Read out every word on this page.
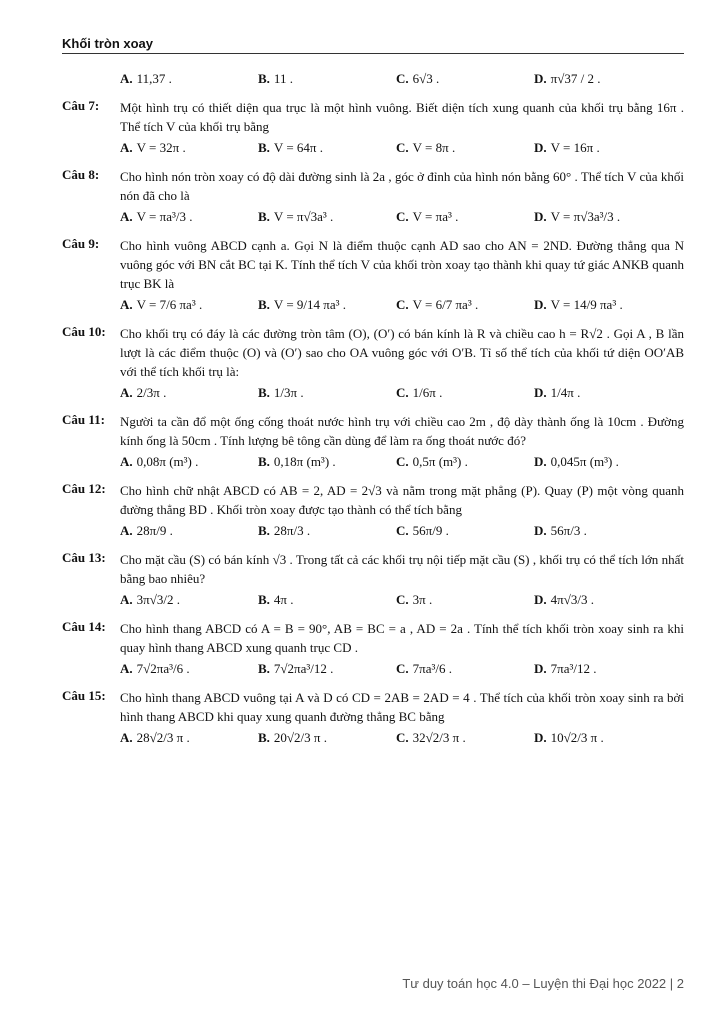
Khối tròn xoay
A. 11,37 .	B. 11 .	C. 6√3 .	D. π√37 / 2 .
Câu 7:	Một hình trụ có thiết diện qua trục là một hình vuông. Biết diện tích xung quanh của khối trụ bằng 16π . Thể tích V của khối trụ bằng
A. V = 32π .	B. V = 64π .	C. V = 8π .	D. V = 16π .
Câu 8:	Cho hình nón tròn xoay có độ dài đường sinh là 2a , góc ở đỉnh của hình nón bằng 60° . Thể tích V của khối nón đã cho là
A. V = πa³/3 .	B. V = π√3a³ .	C. V = πa³ .	D. V = π√3a³/3 .
Câu 9:	Cho hình vuông ABCD cạnh a. Gọi N là điểm thuộc cạnh AD sao cho AN = 2ND. Đường thẳng qua N vuông góc với BN cắt BC tại K. Tính thể tích V của khối tròn xoay tạo thành khi quay tứ giác ANKB quanh trục BK là
A. V = 7/6 πa³ .	B. V = 9/14 πa³ .	C. V = 6/7 πa³ .	D. V = 14/9 πa³ .
Câu 10:	Cho khối trụ có đáy là các đường tròn tâm (O), (O′) có bán kính là R và chiều cao h = R√2 . Gọi A , B lần lượt là các điểm thuộc (O) và (O′) sao cho OA vuông góc với O′B. Tỉ số thể tích của khối tứ diện OO′AB với thể tích khối trụ là:
A. 2/3π .	B. 1/3π .	C. 1/6π .	D. 1/4π .
Câu 11:	Người ta cần đổ một ống cống thoát nước hình trụ với chiều cao 2m , độ dày thành ống là 10cm . Đường kính ống là 50cm . Tính lượng bê tông cần dùng để làm ra ống thoát nước đó?
A. 0,08π (m³) .	B. 0,18π (m³) .	C. 0,5π (m³) .	D. 0,045π (m³) .
Câu 12:	Cho hình chữ nhật ABCD có AB = 2, AD = 2√3 và nằm trong mặt phẳng (P). Quay (P) một vòng quanh đường thẳng BD . Khối tròn xoay được tạo thành có thể tích bằng
A. 28π/9 .	B. 28π/3 .	C. 56π/9 .	D. 56π/3 .
Câu 13:	Cho mặt cầu (S) có bán kính √3 . Trong tất cả các khối trụ nội tiếp mặt cầu (S) , khối trụ có thể tích lớn nhất bằng bao nhiêu?
A. 3π√3/2 .	B. 4π .	C. 3π .	D. 4π√3/3 .
Câu 14:	Cho hình thang ABCD có A = B = 90°, AB = BC = a , AD = 2a . Tính thể tích khối tròn xoay sinh ra khi quay hình thang ABCD xung quanh trục CD .
A. 7√2πa³/6 .	B. 7√2πa³/12 .	C. 7πa³/6 .	D. 7πa³/12 .
Câu 15:	Cho hình thang ABCD vuông tại A và D có CD = 2AB = 2AD = 4 . Thể tích của khối tròn xoay sinh ra bởi hình thang ABCD khi quay xung quanh đường thẳng BC bằng
A. 28√2/3 π .	B. 20√2/3 π .	C. 32√2/3 π .	D. 10√2/3 π .
Tư duy toán học 4.0 – Luyện thi Đại học 2022 | 2
